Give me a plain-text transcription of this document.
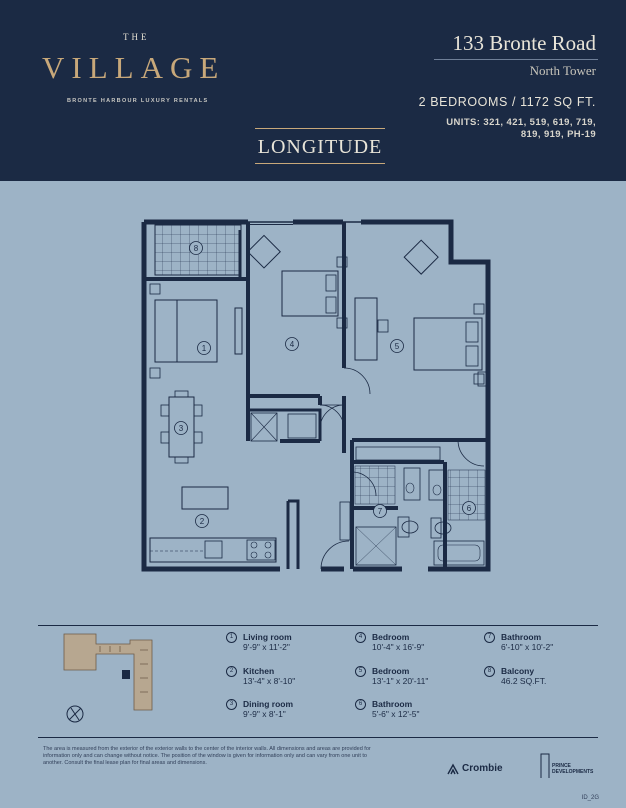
THE
VILLAGE
BRONTE HARBOUR LUXURY RENTALS
133 Bronte Road
North Tower
2 BEDROOMS / 1172 SQ FT.
UNITS: 321, 421, 519, 619, 719, 819, 919, PH-19
LONGITUDE
1
2
3
4	5
6
7
8
1	Living room
9'-9" x 11'-2"
2	Kitchen
13'-4" x 8'-10"
3	Dining room
9'-9" x 8'-1"
4	Bedroom
10'-4" x 16'-9"
5	Bedroom
13'-1" x 20'-11"
6	Bathroom
5'-6" x 12'-5"
7	Bathroom
6'-10" x 10'-2"
8	Balcony
46.2 SQ.FT.
The area is measured from the exterior of the exterior walls to the center of the interior walls. All dimensions and areas are provided for information only and can change without notice. The position of the window is given for information only and can vary from one unit to another. Consult the final lease plan for final areas and dimensions.	Crombie	PRINCE DEVELOPMENTS
ID_2G
